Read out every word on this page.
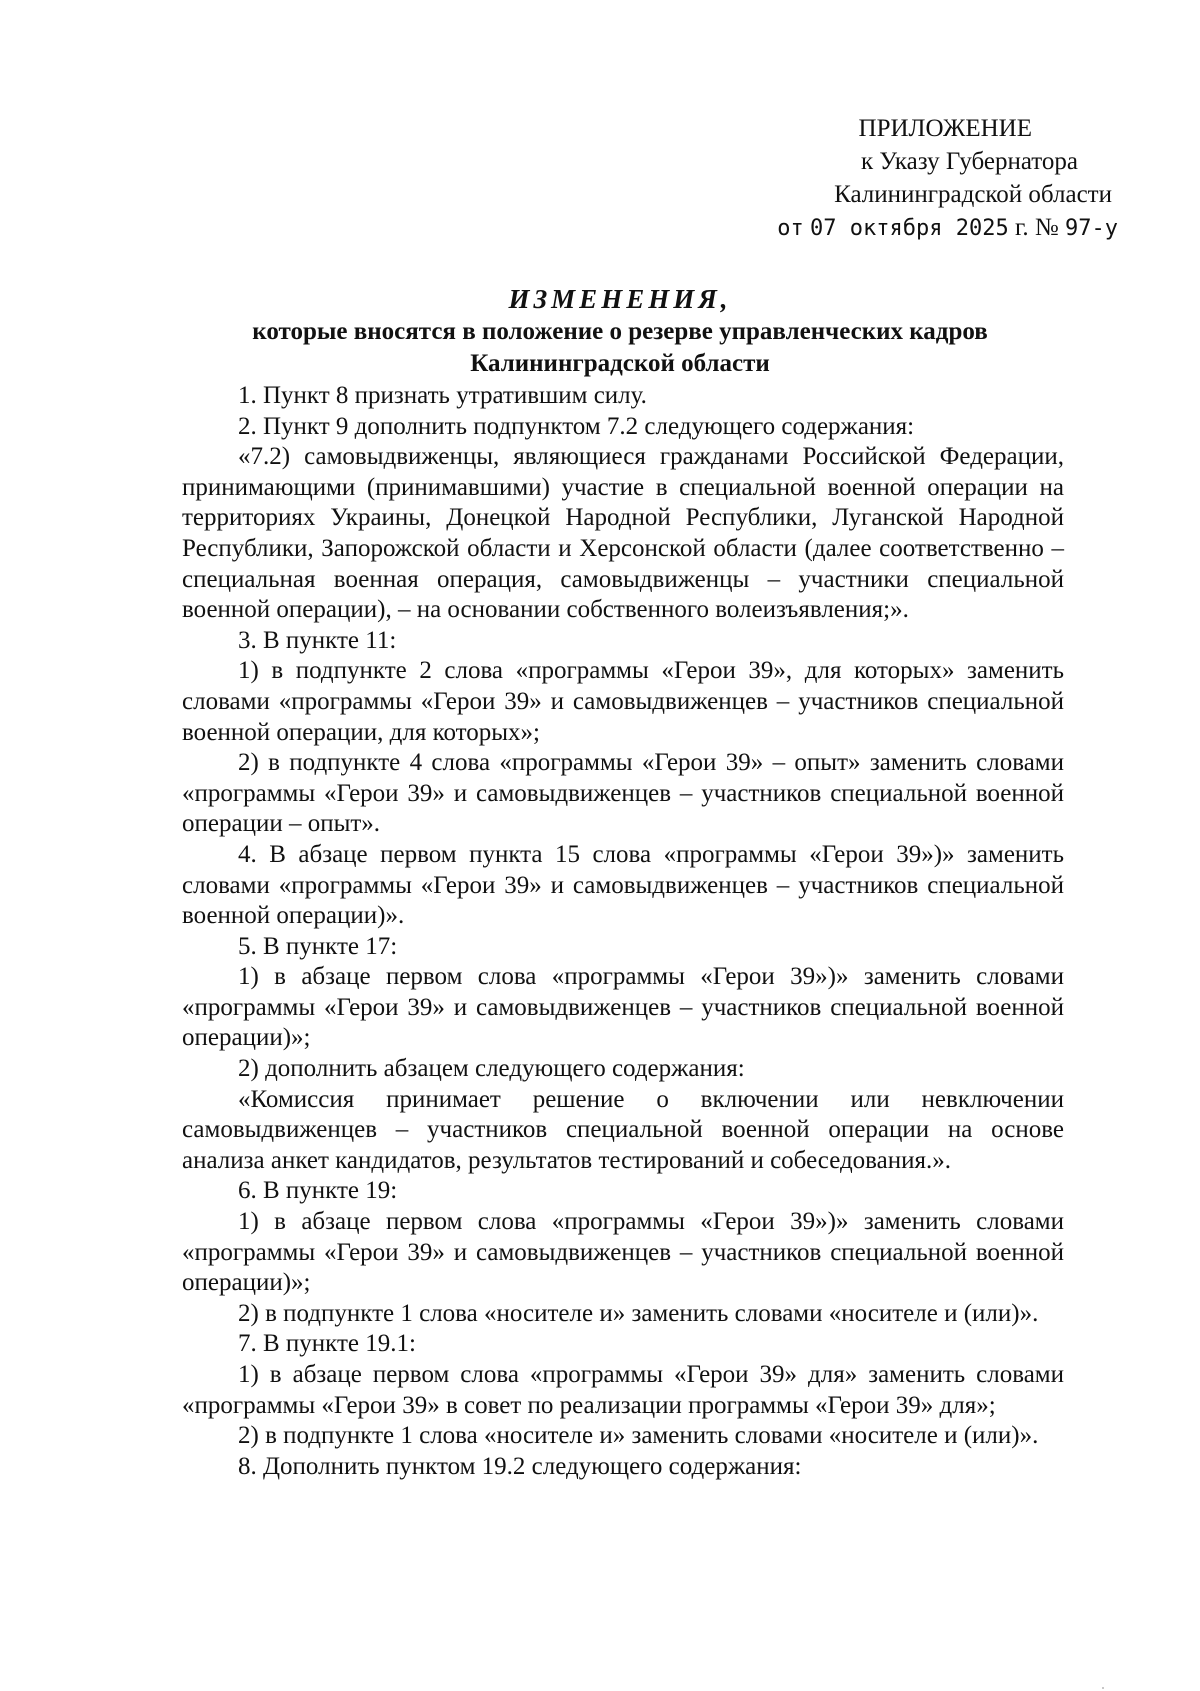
ПРИЛОЖЕНИЕ
к Указу Губернатора
Калининградской области
от 07 октября 2025 г. № 97-у
ИЗМЕНЕНИЯ,
которые вносятся в положение о резерве управленческих кадров
Калининградской области

1. Пункт 8 признать утратившим силу.

2. Пункт 9 дополнить подпунктом 7.2 следующего содержания:

«7.2) самовыдвиженцы, являющиеся гражданами Российской Федерации, принимающими (принимавшими) участие в специальной военной операции на территориях Украины, Донецкой Народной Республики, Луганской Народной Республики, Запорожской области и Херсонской области (далее соответственно – специальная военная операция, самовыдвиженцы – участники специальной военной операции), – на основании собственного волеизъявления;».

3. В пункте 11:

1) в подпункте 2 слова «программы «Герои 39», для которых» заменить словами «программы «Герои 39» и самовыдвиженцев – участников специальной военной операции, для которых»;

2) в подпункте 4 слова «программы «Герои 39» – опыт» заменить словами «программы «Герои 39» и самовыдвиженцев – участников специальной военной операции – опыт».

4. В абзаце первом пункта 15 слова «программы «Герои 39»)» заменить словами «программы «Герои 39» и самовыдвиженцев – участников специальной военной операции)».

5. В пункте 17:

1) в абзаце первом слова «программы «Герои 39»)» заменить словами «программы «Герои 39» и самовыдвиженцев – участников специальной военной операции)»;

2) дополнить абзацем следующего содержания:

«Комиссия принимает решение о включении или невключении самовыдвиженцев – участников специальной военной операции на основе анализа анкет кандидатов, результатов тестирований и собеседования.».

6. В пункте 19:

1) в абзаце первом слова «программы «Герои 39»)» заменить словами «программы «Герои 39» и самовыдвиженцев – участников специальной военной операции)»;

2) в подпункте 1 слова «носителе и» заменить словами «носителе и (или)».

7. В пункте 19.1:

1) в абзаце первом слова «программы «Герои 39» для» заменить словами «программы «Герои 39» в совет по реализации программы «Герои 39» для»;

2) в подпункте 1 слова «носителе и» заменить словами «носителе и (или)».

8. Дополнить пунктом 19.2 следующего содержания:
